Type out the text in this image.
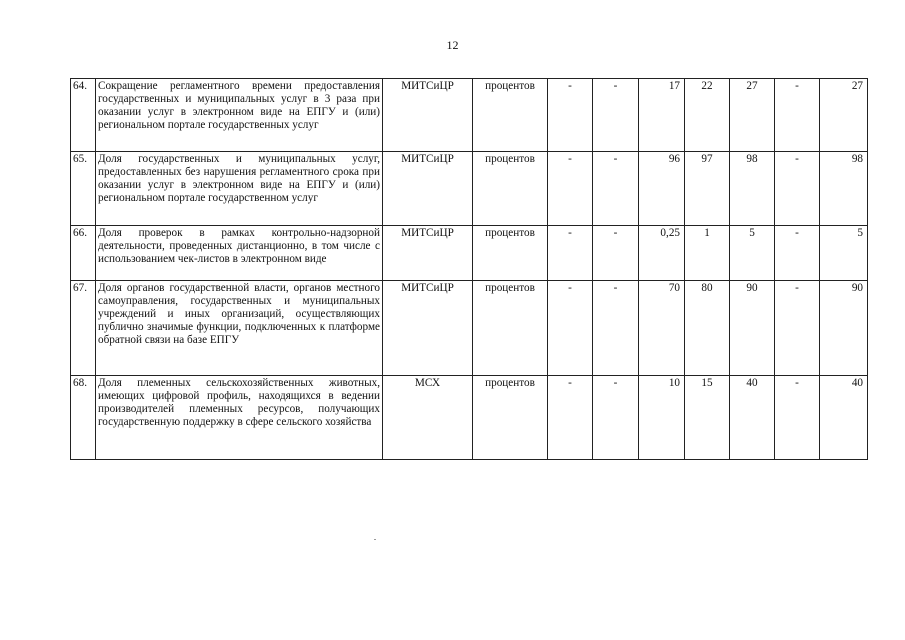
12
64.	Сокращение регламентного времени предоставления государственных и муниципальных услуг в 3 раза при оказании услуг в электронном виде на ЕПГУ и (или) региональном портале государственных услуг	МИТСиЦР	процентов	-	-	17	22	27	-	27
65.	Доля государственных и муниципальных услуг, предоставленных без нарушения регламентного срока при оказании услуг в электронном виде на ЕПГУ и (или) региональном портале государственном услуг	МИТСиЦР	процентов	-	-	96	97	98	-	98
66.	Доля проверок в рамках контрольно-надзорной деятельности, проведенных дистанционно, в том числе с использованием чек-листов в электронном виде	МИТСиЦР	процентов	-	-	0,25	1	5	-	5
67.	Доля органов государственной власти, органов местного самоуправления, государственных и муниципальных учреждений и иных организаций, осуществляющих публично значимые функции, подключенных к платформе обратной связи на базе ЕПГУ	МИТСиЦР	процентов	-	-	70	80	90	-	90
68.	Доля племенных сельскохозяйственных животных, имеющих цифровой профиль, находящихся в ведении производителей племенных ресурсов, получающих государственную поддержку в сфере сельского хозяйства	МСХ	процентов	-	-	10	15	40	-	40
